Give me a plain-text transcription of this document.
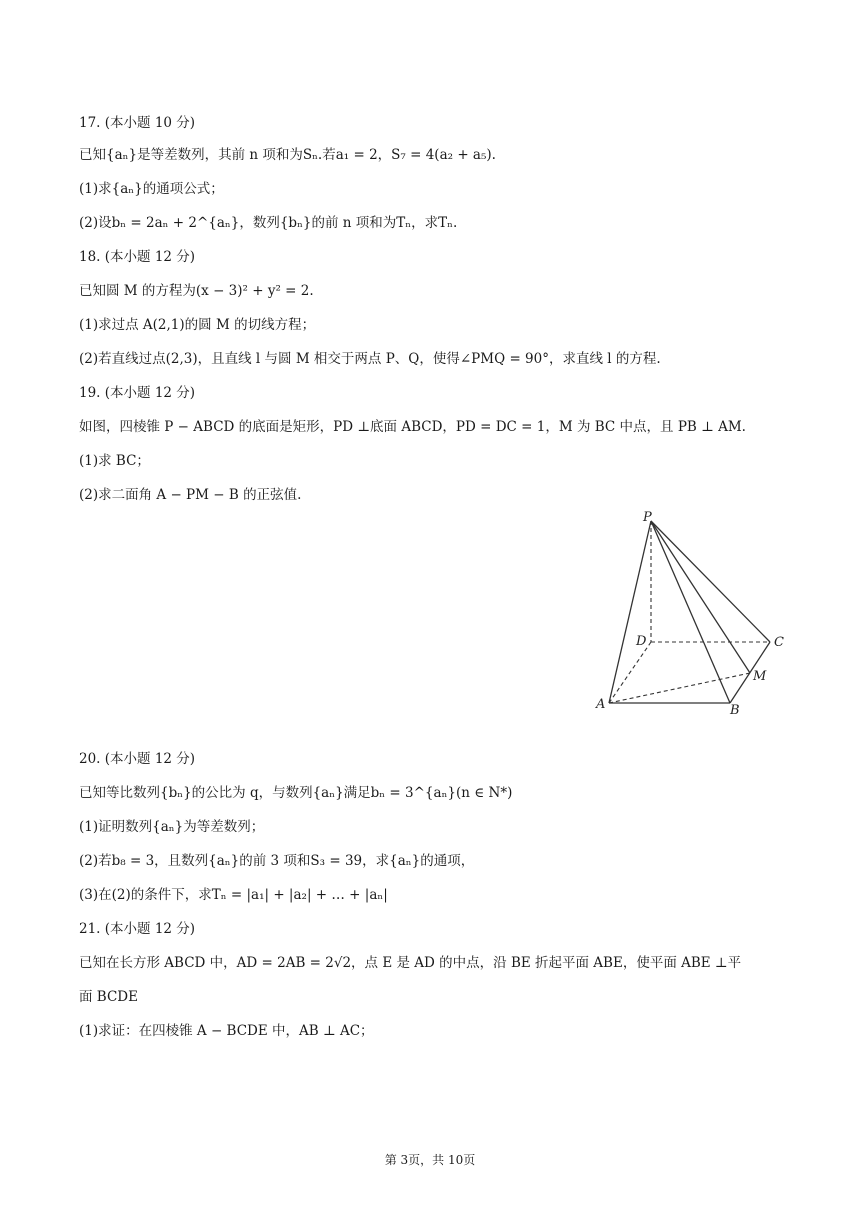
17. (本小题 10 分)
已知{aₙ}是等差数列，其前 n 项和为Sₙ.若a₁ = 2，S₇ = 4(a₂ + a₅).
(1)求{aₙ}的通项公式；
(2)设bₙ = 2aₙ + 2^{aₙ}，数列{bₙ}的前 n 项和为Tₙ，求Tₙ.
18. (本小题 12 分)
已知圆 M 的方程为(x − 3)² + y² = 2.
(1)求过点 A(2,1)的圆 M 的切线方程；
(2)若直线过点(2,3)，且直线 l 与圆 M 相交于两点 P、Q，使得∠PMQ = 90°，求直线 l 的方程.
19. (本小题 12 分)
如图，四棱锥 P − ABCD 的底面是矩形，PD ⊥底面 ABCD，PD = DC = 1，M 为 BC 中点，且 PB ⊥ AM.
(1)求 BC；
(2)求二面角 A − PM − B 的正弦值.
P
D	C
M
A	B
20. (本小题 12 分)
已知等比数列{bₙ}的公比为 q，与数列{aₙ}满足bₙ = 3^{aₙ}(n ∈ N*)
(1)证明数列{aₙ}为等差数列；
(2)若b₈ = 3，且数列{aₙ}的前 3 项和S₃ = 39，求{aₙ}的通项，
(3)在(2)的条件下，求Tₙ = |a₁| + |a₂| + … + |aₙ|
21. (本小题 12 分)
已知在长方形 ABCD 中，AD = 2AB = 2√2，点 E 是 AD 的中点，沿 BE 折起平面 ABE，使平面 ABE ⊥平
面 BCDE
(1)求证：在四棱锥 A − BCDE 中，AB ⊥ AC；
第 3页，共 10页
